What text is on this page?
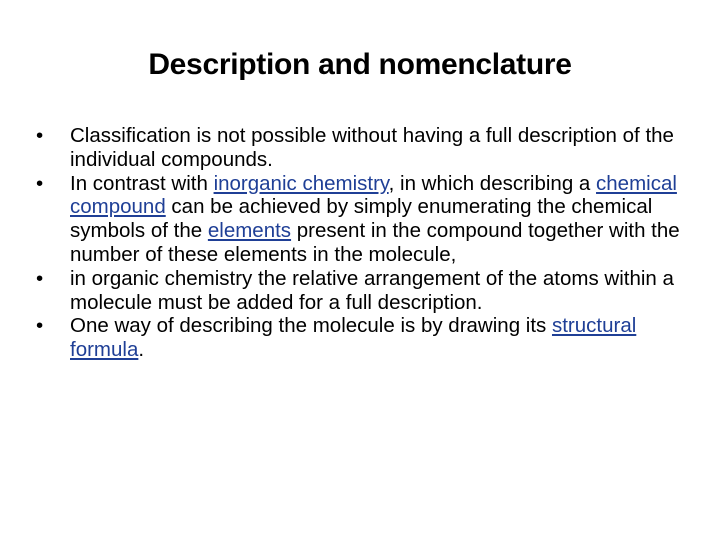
Description and nomenclature
•	Classification is not possible without having a full description of the individual compounds.
•	In contrast with inorganic chemistry, in which describing a chemical compound can be achieved by simply enumerating the chemical symbols of the elements present in the compound together with the number of these elements in the molecule,
•	in organic chemistry the relative arrangement of the atoms within a molecule must be added for a full description.
•	One way of describing the molecule is by drawing its structural formula.
